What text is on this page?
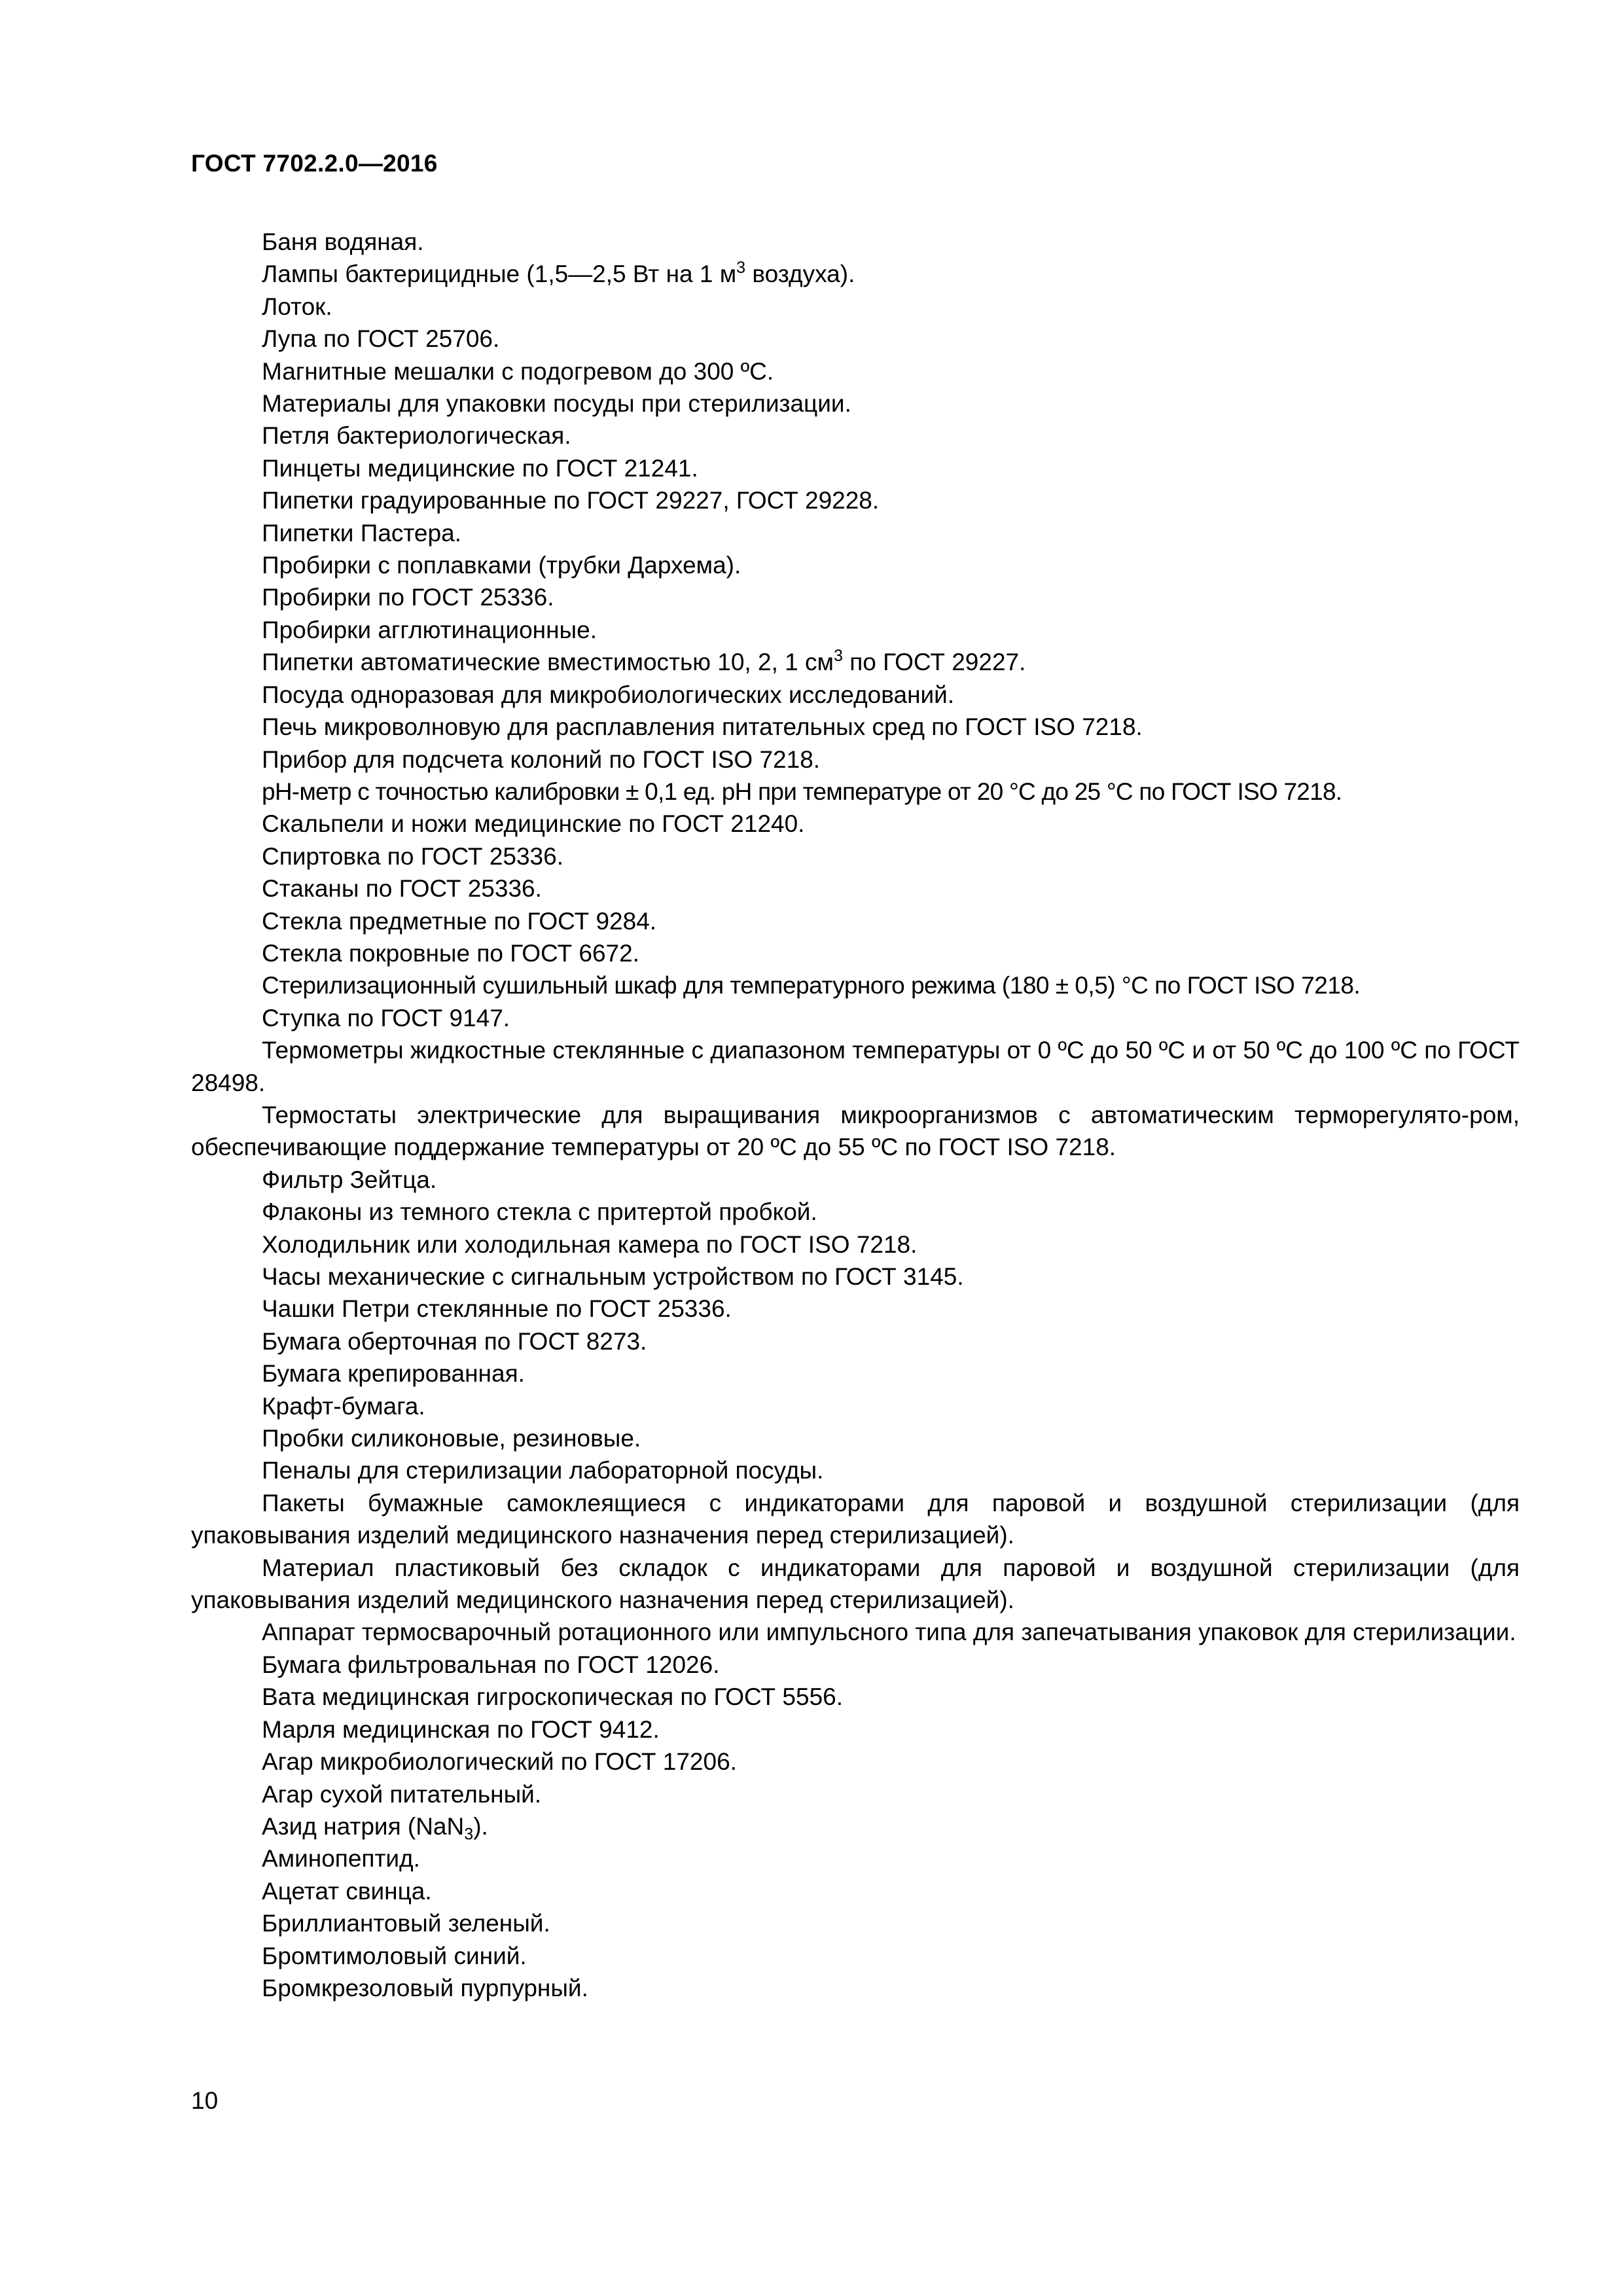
ГОСТ 7702.2.0—2016

Баня водяная.

Лампы бактерицидные (1,5—2,5 Вт на 1 $м^3$ воздуха).

Лоток.

Лупа по ГОСТ 25706.

Магнитные мешалки с подогревом до 300 ºС.

Материалы для упаковки посуды при стерилизации.

Петля бактериологическая.

Пинцеты медицинские по ГОСТ 21241.

Пипетки градуированные по ГОСТ 29227, ГОСТ 29228.

Пипетки Пастера.

Пробирки с поплавками (трубки Дархема).

Пробирки по ГОСТ 25336.

Пробирки агглютинационные.

Пипетки автоматические вместимостью 10, 2, 1 $см^3$ по ГОСТ 29227.

Посуда одноразовая для микробиологических исследований.

Печь микроволновую для расплавления питательных сред по ГОСТ ISO 7218.

Прибор для подсчета колоний по ГОСТ ISO 7218.

pH-метр с точностью калибровки ± 0,1 ед. pH при температуре от 20 °С до 25 °С по ГОСТ ISO 7218.

Скальпели и ножи медицинские по ГОСТ 21240.

Спиртовка по ГОСТ 25336.

Стаканы по ГОСТ 25336.

Стекла предметные по ГОСТ 9284.

Стекла покровные по ГОСТ 6672.

Стерилизационный сушильный шкаф для температурного режима (180 ± 0,5) °С по ГОСТ ISO 7218.

Ступка по ГОСТ 9147.

Термометры жидкостные стеклянные с диапазоном температуры от 0 ºС до 50 ºС и от 50 ºС до 100 ºС по ГОСТ 28498.

Термостаты электрические для выращивания микроорганизмов с автоматическим терморегулято-ром, обеспечивающие поддержание температуры от 20 ºС до 55 ºС по ГОСТ ISO 7218.

Фильтр Зейтца.

Флаконы из темного стекла с притертой пробкой.

Холодильник или холодильная камера по ГОСТ ISO 7218.

Часы механические с сигнальным устройством по ГОСТ 3145.

Чашки Петри стеклянные по ГОСТ 25336.

Бумага оберточная по ГОСТ 8273.

Бумага крепированная.

Крафт-бумага.

Пробки силиконовые, резиновые.

Пеналы для стерилизации лабораторной посуды.

Пакеты бумажные самоклеящиеся с индикаторами для паровой и воздушной стерилизации (для упаковывания изделий медицинского назначения перед стерилизацией).

Материал пластиковый без складок с индикаторами для паровой и воздушной стерилизации (для упаковывания изделий медицинского назначения перед стерилизацией).

Аппарат термосварочный ротационного или импульсного типа для запечатывания упаковок для стерилизации.

Бумага фильтровальная по ГОСТ 12026.

Вата медицинская гигроскопическая по ГОСТ 5556.

Марля медицинская по ГОСТ 9412.

Агар микробиологический по ГОСТ 17206.

Агар сухой питательный.

Азид натрия (NaN$_3$).

Аминопептид.

Ацетат свинца.

Бриллиантовый зеленый.

Бромтимоловый синий.

Бромкрезоловый пурпурный.

10
